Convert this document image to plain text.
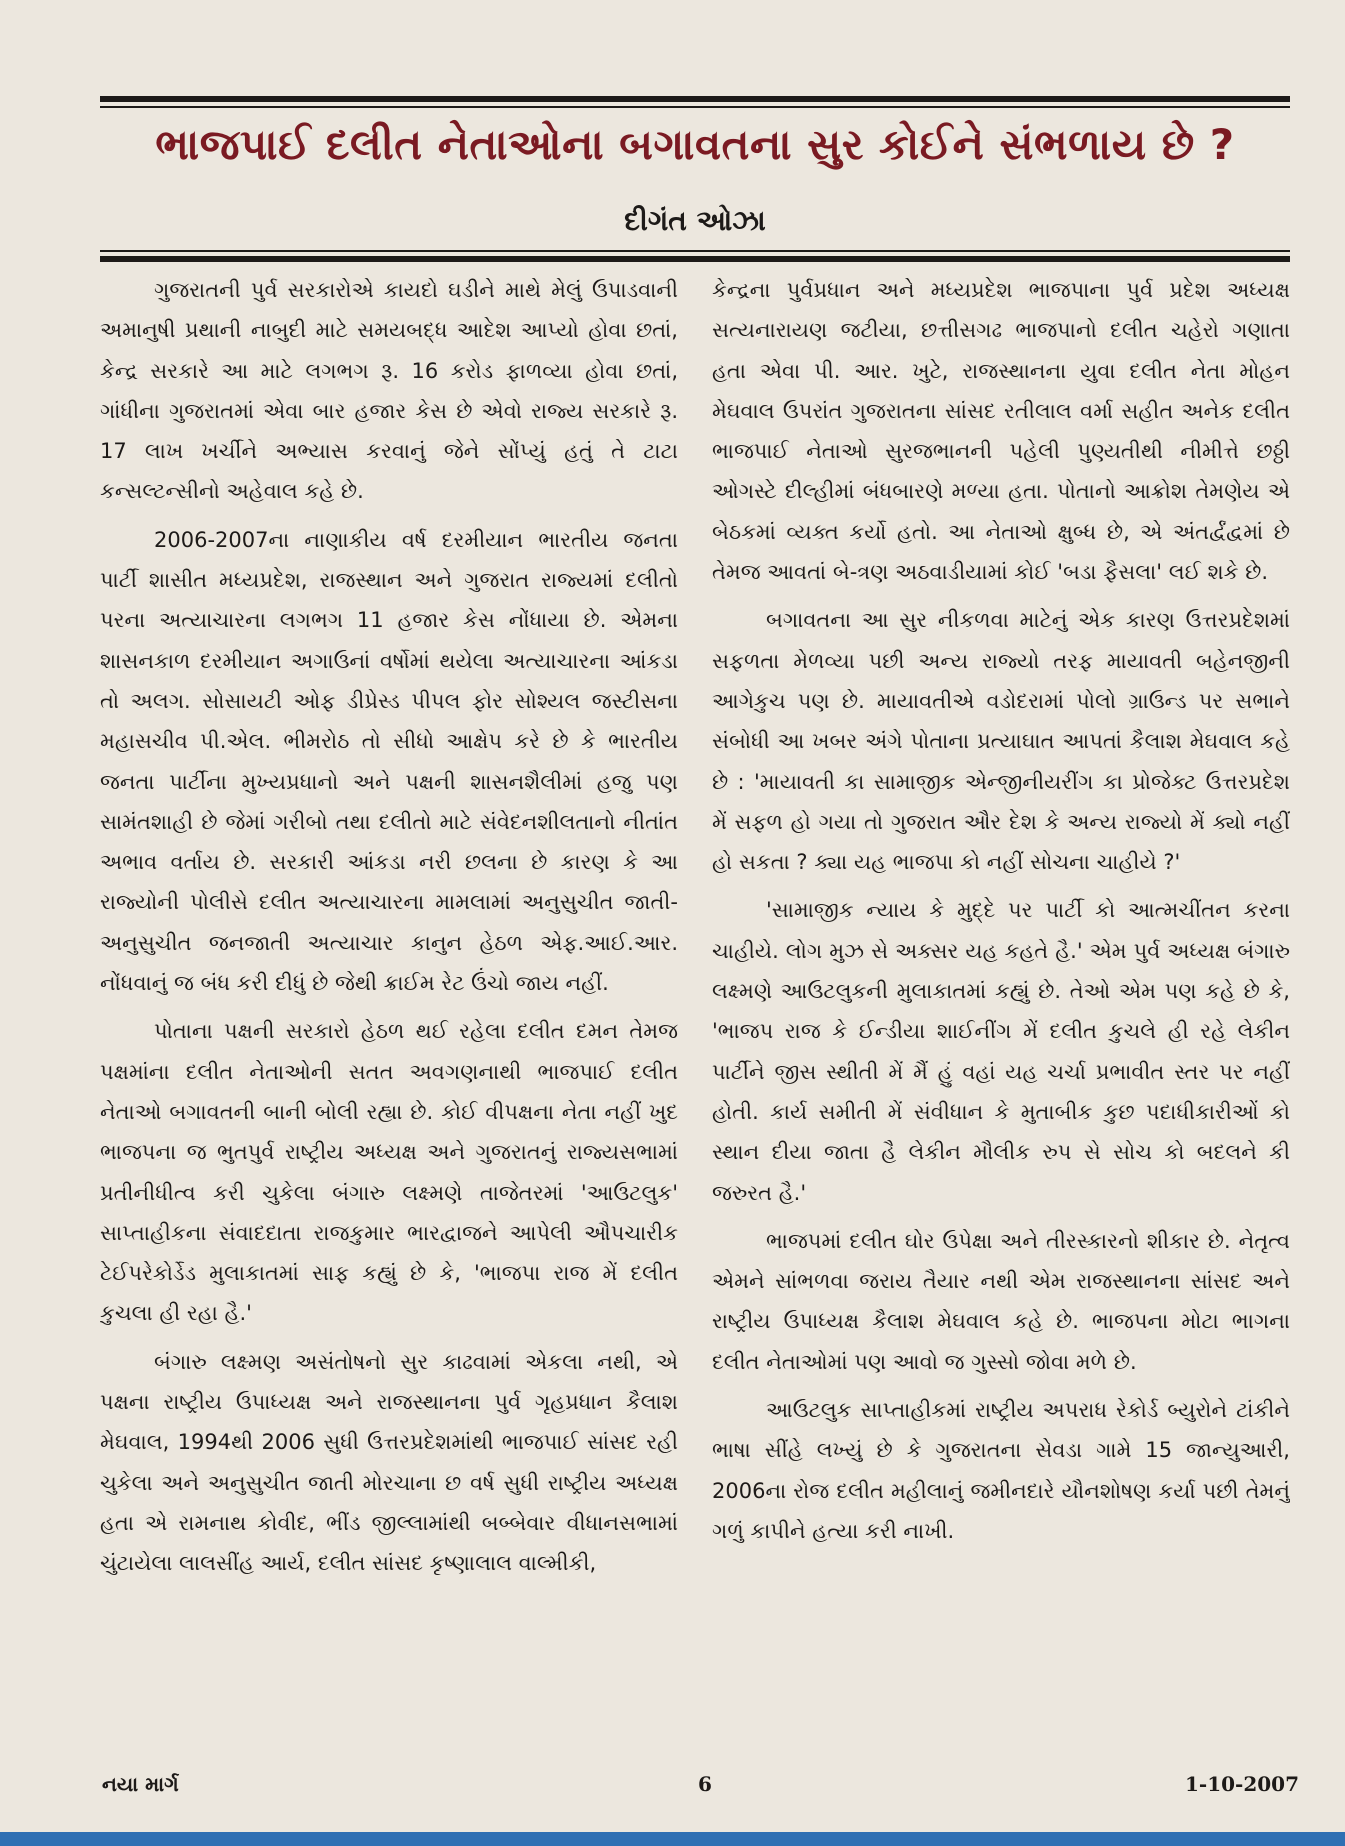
ભાજપાઈ દલીત નેતાઓના બગાવતના સુર કોઈને સંભળાય છે ?
દીગંત ઓઝા

ગુજરાતની પુર્વ સરકારોએ કાયદો ઘડીને માથે મેલું ઉપાડવાની અમાનુષી પ્રથાની નાબુદી માટે સમયબદ્ધ આદેશ આપ્યો હોવા છતાં, કેન્દ્ર સરકારે આ માટે લગભગ રૂ. 16 કરોડ ફાળવ્યા હોવા છતાં, ગાંધીના ગુજરાતમાં એવા બાર હજાર કેસ છે એવો રાજ્ય સરકારે રૂ. 17 લાખ ખર્ચીને અભ્યાસ કરવાનું જેને સોંપ્યું હતું તે ટાટા કન્સલ્ટન્સીનો અહેવાલ કહે છે.

2006-2007ના નાણાકીય વર્ષ દરમીયાન ભારતીય જનતા પાર્ટી શાસીત મધ્યપ્રદેશ, રાજસ્થાન અને ગુજરાત રાજ્યમાં દલીતો પરના અત્યાચારના લગભગ 11 હજાર કેસ નોંધાયા છે. એમના શાસનકાળ દરમીયાન અગાઉનાં વર્ષોમાં થયેલા અત્યાચારના આંકડા તો અલગ. સોસાયટી ઓફ ડીપ્રેસ્ડ પીપલ ફોર સોશ્યલ જસ્ટીસના મહાસચીવ પી.એલ. ભીમરોઠ તો સીધો આક્ષેપ કરે છે કે ભારતીય જનતા પાર્ટીના મુખ્યપ્રધાનો અને પક્ષની શાસનશૈલીમાં હજુ પણ સામંતશાહી છે જેમાં ગરીબો તથા દલીતો માટે સંવેદનશીલતાનો નીતાંત અભાવ વર્તાય છે. સરકારી આંકડા નરી છલના છે કારણ કે આ રાજ્યોની પોલીસે દલીત અત્યાચારના મામલામાં અનુસુચીત જાતી-અનુસુચીત જનજાતી અત્યાચાર કાનુન હેઠળ એફ.આઈ.આર. નોંધવાનું જ બંધ કરી દીધું છે જેથી ક્રાઈમ રેટ ઉંચો જાય નહીં.

પોતાના પક્ષની સરકારો હેઠળ થઈ રહેલા દલીત દમન તેમજ પક્ષમાંના દલીત નેતાઓની સતત અવગણનાથી ભાજપાઈ દલીત નેતાઓ બગાવતની બાની બોલી રહ્યા છે. કોઈ વીપક્ષના નેતા નહીં ખુદ ભાજપના જ ભુતપુર્વ રાષ્ટ્રીય અધ્યક્ષ અને ગુજરાતનું રાજ્યસભામાં પ્રતીનીધીત્વ કરી ચુકેલા બંગારુ લક્ષ્મણે તાજેતરમાં 'આઉટલુક' સાપ્તાહીકના સંવાદદાતા રાજકુમાર ભારદ્વાજને આપેલી ઔપચારીક ટેઈપરેકોર્ડેડ મુલાકાતમાં સાફ કહ્યું છે કે, 'ભાજપા રાજ મેં દલીત કુચલા હી રહા હૈ.'

બંગારુ લક્ષ્મણ અસંતોષનો સુર કાઢવામાં એકલા નથી, એ પક્ષના રાષ્ટ્રીય ઉપાધ્યક્ષ અને રાજસ્થાનના પુર્વ ગૃહપ્રધાન કૈલાશ મેઘવાલ, 1994થી 2006 સુધી ઉત્તરપ્રદેશમાંથી ભાજપાઈ સાંસદ રહી ચુકેલા અને અનુસુચીત જાતી મોરચાના છ વર્ષ સુધી રાષ્ટ્રીય અધ્યક્ષ હતા એ રામનાથ કોવીદ, ભીંડ જીલ્લામાંથી બબ્બેવાર વીધાનસભામાં ચુંટાયેલા લાલસીંહ આર્ય, દલીત સાંસદ કૃષ્ણાલાલ વાલ્મીકી,

કેન્દ્રના પુર્વપ્રધાન અને મધ્યપ્રદેશ ભાજપાના પુર્વ પ્રદેશ અધ્યક્ષ સત્યનારાયણ જટીયા, છત્તીસગઢ ભાજપાનો દલીત ચહેરો ગણાતા હતા એવા પી. આર. ખુટે, રાજસ્થાનના યુવા દલીત નેતા મોહન મેઘવાલ ઉપરાંત ગુજરાતના સાંસદ રતીલાલ વર્મા સહીત અનેક દલીત ભાજપાઈ નેતાઓ સુરજભાનની પહેલી પુણ્યતીથી નીમીત્તે છઠ્ઠી ઓગસ્ટે દીલ્હીમાં બંધબારણે મળ્યા હતા. પોતાનો આક્રોશ તેમણેય એ બેઠકમાં વ્યક્ત કર્યો હતો. આ નેતાઓ ક્ષુબ્ધ છે, એ અંતર્દ્વંદ્વમાં છે તેમજ આવતાં બે-ત્રણ અઠવાડીયામાં કોઈ 'બડા ફૈસલા' લઈ શકે છે.

બગાવતના આ સુર નીકળવા માટેનું એક કારણ ઉત્તરપ્રદેશમાં સફળતા મેળવ્યા પછી અન્ય રાજ્યો તરફ માયાવતી બહેનજીની આગેકુચ પણ છે. માયાવતીએ વડોદરામાં પોલો ગ્રાઉન્ડ પર સભાને સંબોધી આ ખબર અંગે પોતાના પ્રત્યાઘાત આપતાં કૈલાશ મેઘવાલ કહે છે : 'માયાવતી કા સામાજીક એન્જીનીયરીંગ કા પ્રોજેક્ટ ઉત્તરપ્રદેશ મેં સફળ હો ગયા તો ગુજરાત ઔર દેશ કે અન્ય રાજ્યો મેં ક્યો નહીં હો સકતા ? ક્યા યહ ભાજપા કો નહીં સોચના ચાહીયે ?'

'સામાજીક ન્યાય કે મુદ્દે પર પાર્ટી કો આત્મચીંતન કરના ચાહીયે. લોગ મુઝ સે અક્સર યહ કહતે હૈ.' એમ પુર્વ અધ્યક્ષ બંગારુ લક્ષ્મણે આઉટલુકની મુલાકાતમાં કહ્યું છે. તેઓ એમ પણ કહે છે કે, 'ભાજપ રાજ કે ઈન્ડીયા શાઈનીંગ મેં દલીત કુચલે હી રહે લેકીન પાર્ટીને જીસ સ્થીતી મેં મૈં હું વહાં યહ ચર્ચા પ્રભાવીત સ્તર પર નહીં હોતી. કાર્ય સમીતી મેં સંવીધાન કે મુતાબીક કુછ પદાધીકારીઓં કો સ્થાન દીયા જાતા હૈ લેકીન મૌલીક રુપ સે સોચ કો બદલને કી જરુરત હૈ.'

ભાજપમાં દલીત ઘોર ઉપેક્ષા અને તીરસ્કારનો શીકાર છે. નેતૃત્વ એમને સાંભળવા જરાય તૈયાર નથી એમ રાજસ્થાનના સાંસદ અને રાષ્ટ્રીય ઉપાધ્યક્ષ કૈલાશ મેઘવાલ કહે છે. ભાજપના મોટા ભાગના દલીત નેતાઓમાં પણ આવો જ ગુસ્સો જોવા મળે છે.

આઉટલુક સાપ્તાહીકમાં રાષ્ટ્રીય અપરાધ રેકોર્ડ બ્યુરોને ટાંકીને ભાષા સીંહે લખ્યું છે કે ગુજરાતના સેવડા ગામે 15 જાન્યુઆરી, 2006ના રોજ દલીત મહીલાનું જમીનદારે યૌનશોષણ કર્યા પછી તેમનું ગળું કાપીને હત્યા કરી નાખી.

નયા માર્ગ	6	1-10-2007
